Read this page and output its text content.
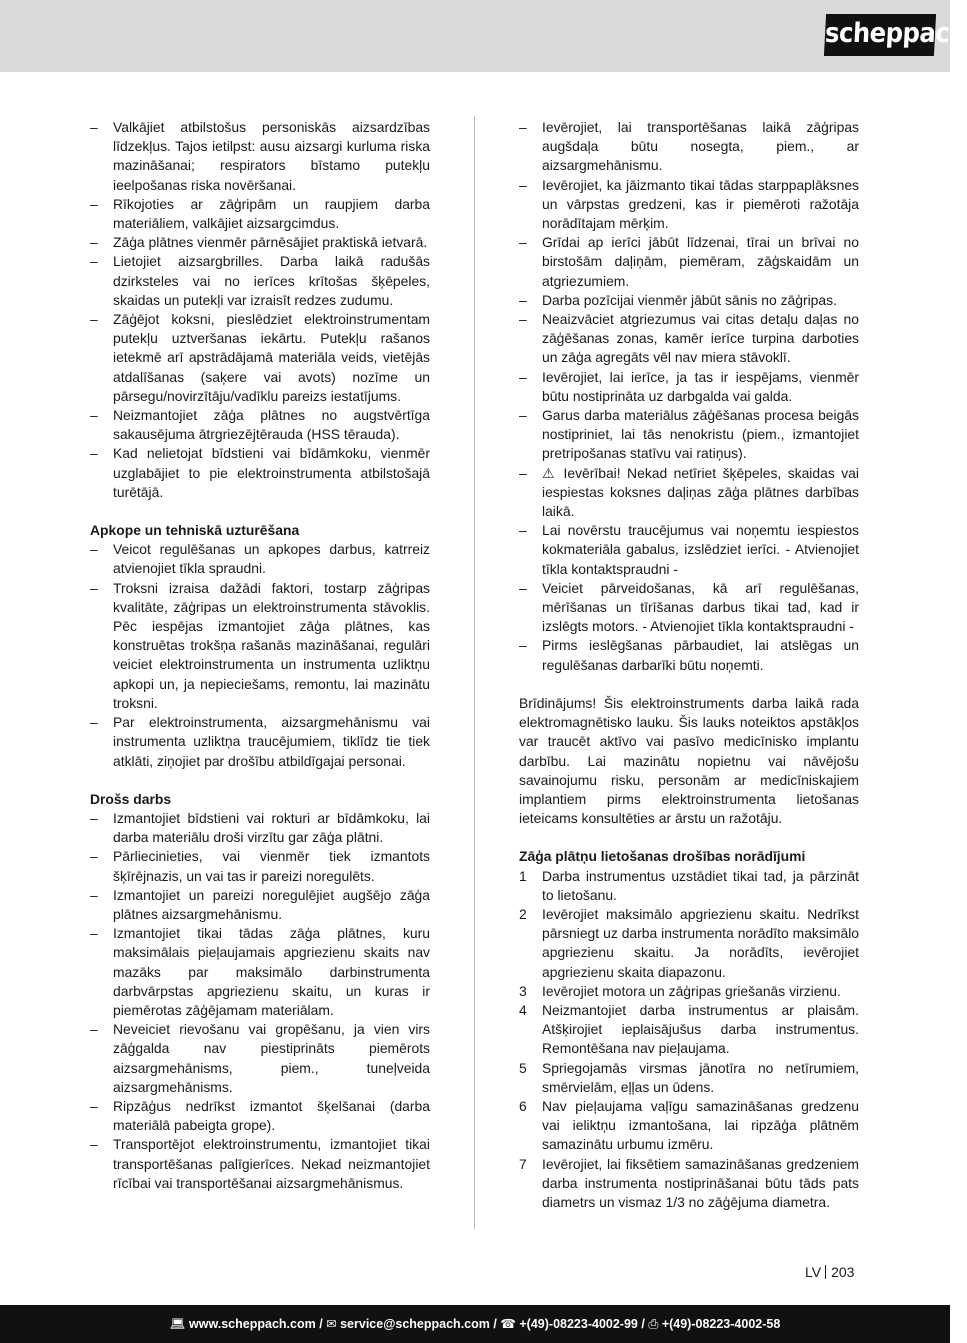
scheppach
– Valkājiet atbilstošus personiskās aizsardzības līdzekļus. Tajos ietilpst: ausu aizsargi kurluma riska mazināšanai; respirators bīstamo putekļu ieelpošanas riska novēršanai.
– Rīkojoties ar zāģripām un raupjiem darba materiāliem, valkājiet aizsargcimdus.
– Zāģa plātnes vienmēr pārnēsājiet praktiskā ietvarā.
– Lietojiet aizsargbrilles. Darba laikā radušās dzirksteles vai no ierīces krītošas šķēpeles, skaidas un putekļi var izraisīt redzes zudumu.
– Zāģējot koksni, pieslēdziet elektroinstrumentam putekļu uztveršanas iekārtu. Putekļu rašanos ietekmē arī apstrādājamā materiāla veids, vietējās atdalīšanas (saķere vai avots) nozīme un pārsegu/novirzītāju/vadīklu pareizs iestatījums.
– Neizmantojiet zāģa plātnes no augstvērtīga sakausējuma ātrgriezējtērauda (HSS tērauda).
– Kad nelietojat bīdstieni vai bīdāmkoku, vienmēr uzglabājiet to pie elektroinstrumenta atbilstošajā turētājā.
Apkope un tehniskā uzturēšana
– Veicot regulēšanas un apkopes darbus, katrreiz atvienojiet tīkla spraudni.
– Troksni izraisa dažādi faktori, tostarp zāģripas kvalitāte, zāģripas un elektroinstrumenta stāvoklis. Pēc iespējas izmantojiet zāģa plātnes, kas konstruētas trokšņa rašanās mazināšanai, regulāri veiciet elektroinstrumenta un instrumenta uzliktņu apkopi un, ja nepieciešams, remontu, lai mazinātu troksni.
– Par elektroinstrumenta, aizsargmehānismu vai instrumenta uzliktņa traucējumiem, tiklīdz tie tiek atklāti, ziņojiet par drošību atbildīgajai personai.
Drošs darbs
– Izmantojiet bīdstieni vai rokturi ar bīdāmkoku, lai darba materiālu droši virzītu gar zāģa plātni.
– Pārliecinieties, vai vienmēr tiek izmantots šķīrējnazis, un vai tas ir pareizi noregulēts.
– Izmantojiet un pareizi noregulējiet augšējo zāģa plātnes aizsargmehānismu.
– Izmantojiet tikai tādas zāģa plātnes, kuru maksimālais pieļaujamais apgriezienu skaits nav mazāks par maksimālo darbinstrumenta darbvārpstas apgriezienu skaitu, un kuras ir piemērotas zāģējamam materiālam.
– Neveiciet rievošanu vai gropēšanu, ja vien virs zāģgalda nav piestiprināts piemērots aizsargmehānisms, piem., tuneļveida aizsargmehānisms.
– Ripzāģus nedrīkst izmantot šķelšanai (darba materiālā pabeigta grope).
– Transportējot elektroinstrumentu, izmantojiet tikai transportēšanas palīgierīces. Nekad neizmantojiet rīcībai vai transportēšanai aizsargmehānismus.
– Ievērojiet, lai transportēšanas laikā zāģripas augšdaļa būtu nosegta, piem., ar aizsargmehānismu.
– Ievērojiet, ka jāizmanto tikai tādas starppaplāksnes un vārpstas gredzeni, kas ir piemēroti ražotāja norādītajam mērķim.
– Grīdai ap ierīci jābūt līdzenai, tīrai un brīvai no birstošām daļiņām, piemēram, zāģskaidām un atgriezumiem.
– Darba pozīcijai vienmēr jābūt sānis no zāģripas.
– Neaizvāciet atgriezumus vai citas detaļu daļas no zāģēšanas zonas, kamēr ierīce turpina darboties un zāģa agregāts vēl nav miera stāvoklī.
– Ievērojiet, lai ierīce, ja tas ir iespējams, vienmēr būtu nostiprināta uz darbgalda vai galda.
– Garus darba materiālus zāģēšanas procesa beigās nostipriniet, lai tās nenokristu (piem., izmantojiet pretripošanas statīvu vai ratiņus).
– ⚠ Ievērībai! Nekad netīriet šķēpeles, skaidas vai iespiestas koksnes daļiņas zāģa plātnes darbības laikā.
– Lai novērstu traucējumus vai noņemtu iespiestos kokmateriāla gabalus, izslēdziet ierīci. - Atvienojiet tīkla kontaktspraudni -
– Veiciet pārveidošanas, kā arī regulēšanas, mērīšanas un tīrīšanas darbus tikai tad, kad ir izslēgts motors. - Atvienojiet tīkla kontaktspraudni -
– Pirms ieslēgšanas pārbaudiet, lai atslēgas un regulēšanas darbarīki būtu noņemti.
Brīdinājums! Šis elektroinstruments darba laikā rada elektromagnētisko lauku. Šis lauks noteiktos apstākļos var traucēt aktīvo vai pasīvo medicīnisko implantu darbību. Lai mazinātu nopietnu vai nāvējošu savainojumu risku, personām ar medicīniskajiem implantiem pirms elektroinstrumenta lietošanas ieteicams konsultēties ar ārstu un ražotāju.
Zāģa plātņu lietošanas drošības norādījumi
1 Darba instrumentus uzstādiet tikai tad, ja pārzināt to lietošanu.
2 Ievērojiet maksimālo apgriezienu skaitu. Nedrīkst pārsniegt uz darba instrumenta norādīto maksimālo apgriezienu skaitu. Ja norādīts, ievērojiet apgriezienu skaita diapazonu.
3 Ievērojiet motora un zāģripas griešanās virzienu.
4 Neizmantojiet darba instrumentus ar plaisām. Atšķirojiet ieplaisājušus darba instrumentus. Remontēšana nav pieļaujama.
5 Spriegojamās virsmas jānotīra no netīrumiem, smērvielām, eļļas un ūdens.
6 Nav pieļaujama vaļīgu samazināšanas gredzenu vai ieliktņu izmantošana, lai ripzāģa plātnēm samazinātu urbumu izmēru.
7 Ievērojiet, lai fiksētiem samazināšanas gredzeniem darba instrumenta nostiprināšanai būtu tāds pats diametrs un vismaz 1/3 no zāģējuma diametra.
LV 203
💻︎ www.scheppach.com / ✉ service@scheppach.com / ☎ +(49)-08223-4002-99 / ⎙ +(49)-08223-4002-58
